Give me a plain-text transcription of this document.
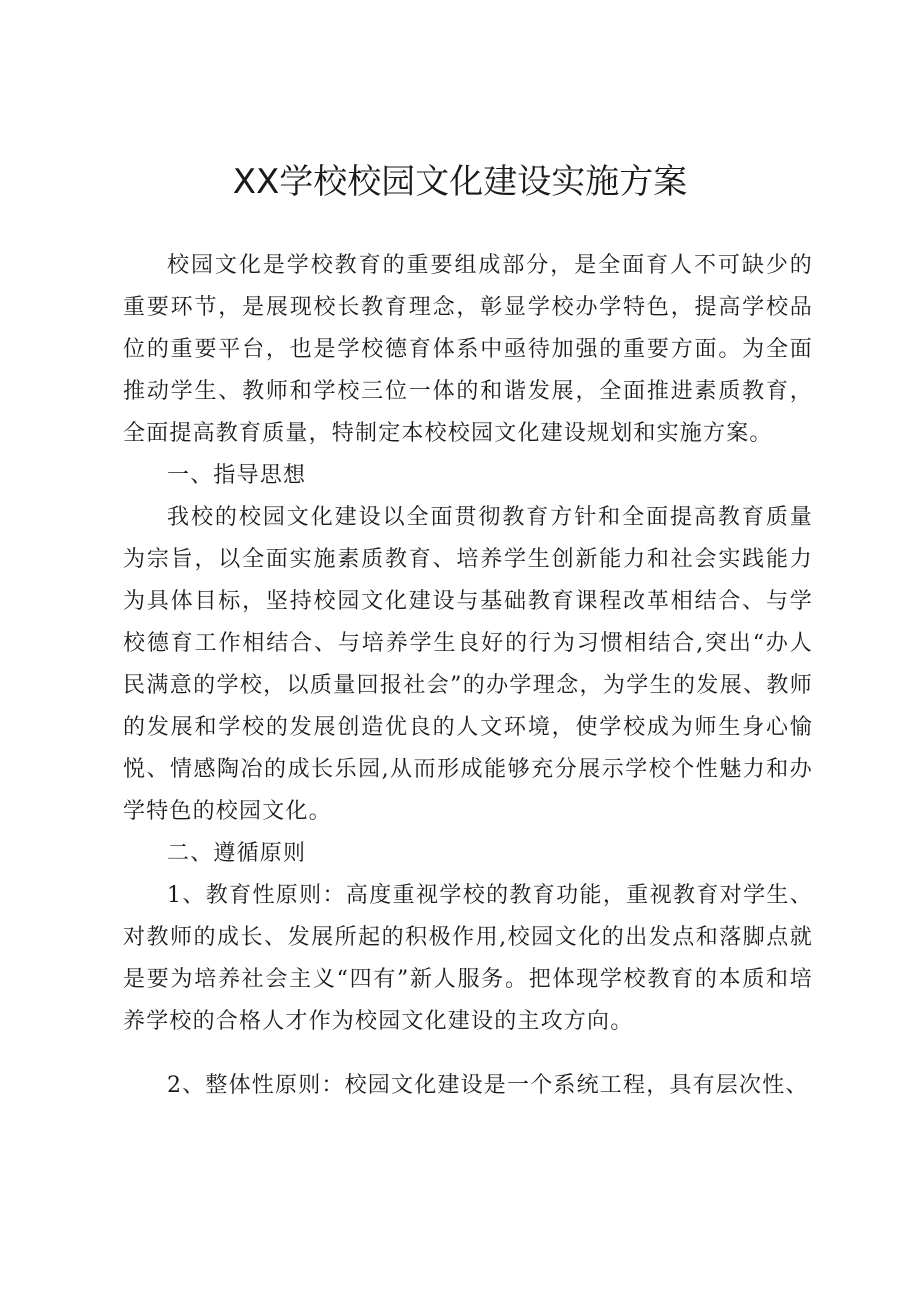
XX学校校园文化建设实施方案

校园文化是学校教育的重要组成部分，是全面育人不可缺少的重要环节，是展现校长教育理念，彰显学校办学特色，提高学校品位的重要平台，也是学校德育体系中亟待加强的重要方面。为全面推动学生、教师和学校三位一体的和谐发展，全面推进素质教育，全面提高教育质量，特制定本校校园文化建设规划和实施方案。

一、指导思想

我校的校园文化建设以全面贯彻教育方针和全面提高教育质量为宗旨，以全面实施素质教育、培养学生创新能力和社会实践能力为具体目标，坚持校园文化建设与基础教育课程改革相结合、与学校德育工作相结合、与培养学生良好的行为习惯相结合,突出“办人民满意的学校，以质量回报社会”的办学理念，为学生的发展、教师的发展和学校的发展创造优良的人文环境，使学校成为师生身心愉悦、情感陶冶的成长乐园,从而形成能够充分展示学校个性魅力和办学特色的校园文化。

二、遵循原则

1、教育性原则：高度重视学校的教育功能，重视教育对学生、对教师的成长、发展所起的积极作用,校园文化的出发点和落脚点就是要为培养社会主义“四有”新人服务。把体现学校教育的本质和培养学校的合格人才作为校园文化建设的主攻方向。

2、整体性原则：校园文化建设是一个系统工程，具有层次性、
